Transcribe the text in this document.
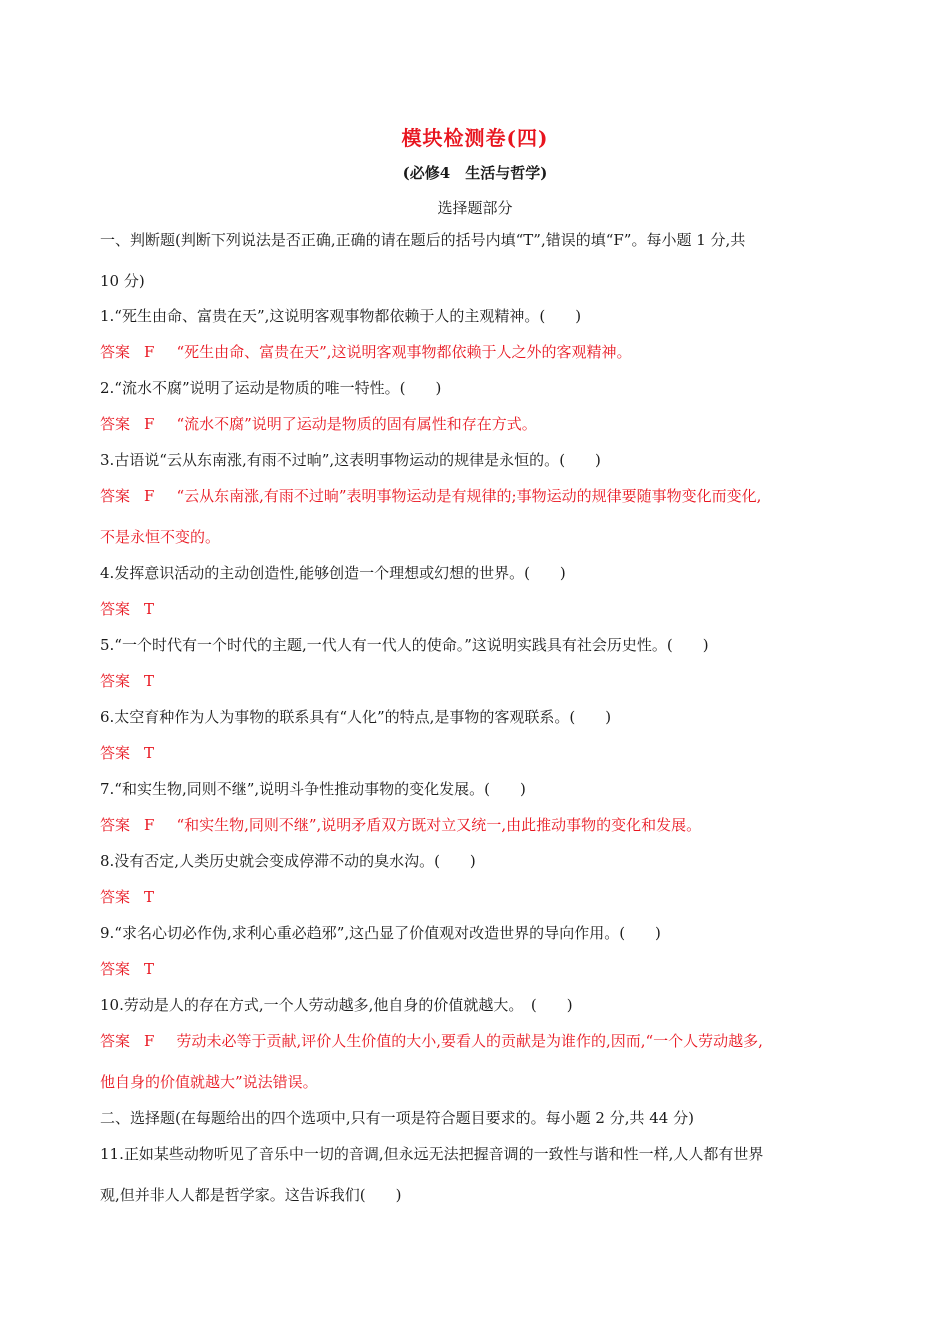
模块检测卷(四)
(必修4　生活与哲学)
选择题部分
一、判断题(判断下列说法是否正确,正确的请在题后的括号内填“T”,错误的填“F”。每小题 1 分,共
10 分)
1.“死生由命、富贵在天”,这说明客观事物都依赖于人的主观精神。(　　)
答案 F “死生由命、富贵在天”,这说明客观事物都依赖于人之外的客观精神。
2.“流水不腐”说明了运动是物质的唯一特性。(　　)
答案 F “流水不腐”说明了运动是物质的固有属性和存在方式。
3.古语说“云从东南涨,有雨不过晌”,这表明事物运动的规律是永恒的。(　　)
答案 F “云从东南涨,有雨不过晌”表明事物运动是有规律的;事物运动的规律要随事物变化而变化,
不是永恒不变的。
4.发挥意识活动的主动创造性,能够创造一个理想或幻想的世界。(　　)
答案 T
5.“一个时代有一个时代的主题,一代人有一代人的使命。”这说明实践具有社会历史性。(　　)
答案 T
6.太空育种作为人为事物的联系具有“人化”的特点,是事物的客观联系。(　　)
答案 T
7.“和实生物,同则不继”,说明斗争性推动事物的变化发展。(　　)
答案 F “和实生物,同则不继”,说明矛盾双方既对立又统一,由此推动事物的变化和发展。
8.没有否定,人类历史就会变成停滞不动的臭水沟。(　　)
答案 T
9.“求名心切必作伪,求利心重必趋邪”,这凸显了价值观对改造世界的导向作用。(　　)
答案 T
10.劳动是人的存在方式,一个人劳动越多,他自身的价值就越大。　(　　)
答案 F 劳动未必等于贡献,评价人生价值的大小,要看人的贡献是为谁作的,因而,“一个人劳动越多,
他自身的价值就越大”说法错误。
二、选择题(在每题给出的四个选项中,只有一项是符合题目要求的。每小题 2 分,共 44 分)
11.正如某些动物听见了音乐中一切的音调,但永远无法把握音调的一致性与谐和性一样,人人都有世界
观,但并非人人都是哲学家。这告诉我们(　　)
